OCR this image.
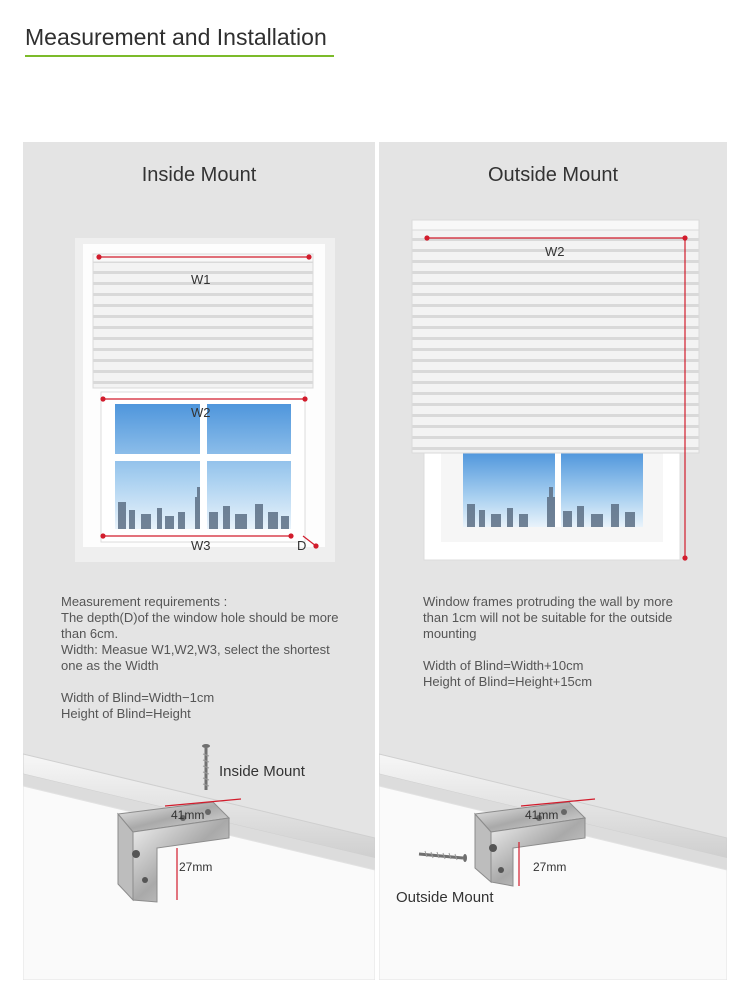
Measurement and Installation
Inside Mount
W1
W2
W3	D
Inside Mount
41mm
27mm

Measurement requirements :

The depth(D)of the window hole should be more

than 6cm.

Width: Measue W1,W2,W3, select the shortest

one as the Width

Width of Blind=Width−1cm

Height of Blind=Height

Outside Mount
W2
Outside Mount
41mm
27mm

Window frames protruding the wall by more

than 1cm will not be suitable for the outside

mounting

Width of Blind=Width+10cm

Height of Blind=Height+15cm
